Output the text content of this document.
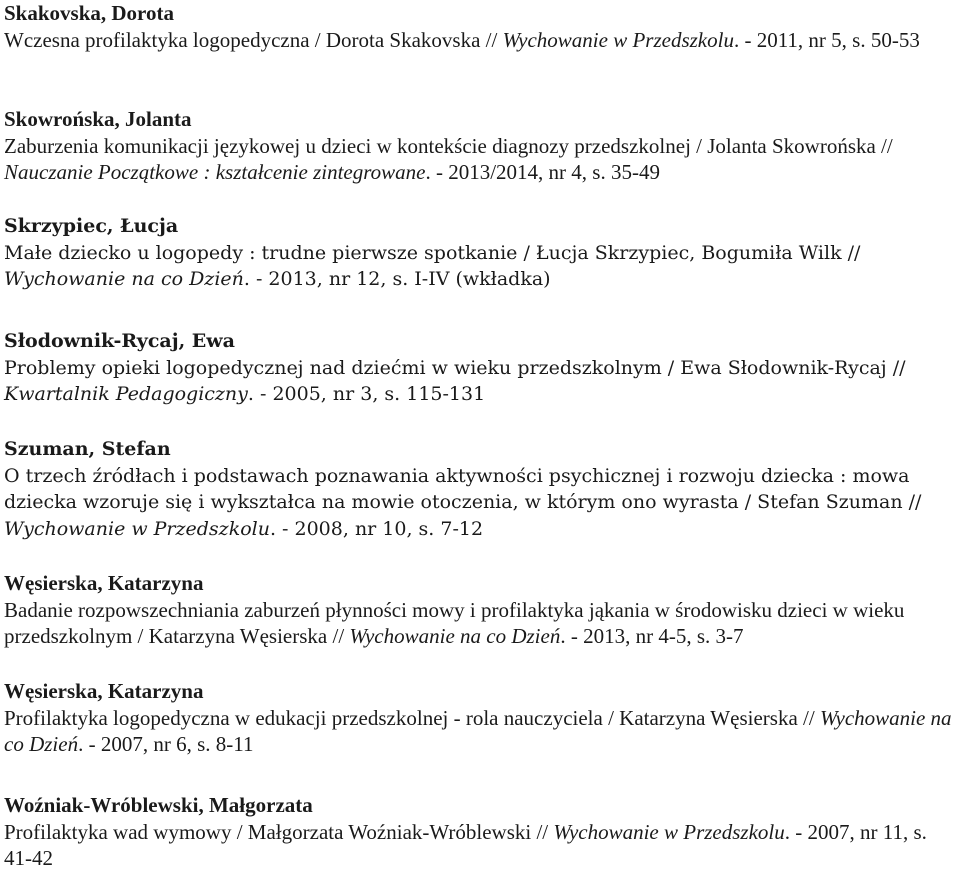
Skakovska, Dorota
Wczesna profilaktyka logopedyczna / Dorota Skakovska // Wychowanie w Przedszkolu. - 2011, nr 5, s. 50-53
Skowrońska, Jolanta
Zaburzenia komunikacji językowej u dzieci w kontekście diagnozy przedszkolnej / Jolanta Skowrońska // Nauczanie Początkowe : kształcenie zintegrowane. - 2013/2014, nr 4, s. 35-49
Skrzypiec, Łucja
Małe dziecko u logopedy : trudne pierwsze spotkanie / Łucja Skrzypiec, Bogumiła Wilk // Wychowanie na co Dzień. - 2013, nr 12, s. I-IV (wkładka)
Słodownik-Rycaj, Ewa
Problemy opieki logopedycznej nad dziećmi w wieku przedszkolnym / Ewa Słodownik-Rycaj // Kwartalnik Pedagogiczny. - 2005, nr 3, s. 115-131
Szuman, Stefan
O trzech źródłach i podstawach poznawania aktywności psychicznej i rozwoju dziecka : mowa dziecka wzoruje się i wykształca na mowie otoczenia, w którym ono wyrasta / Stefan Szuman // Wychowanie w Przedszkolu. - 2008, nr 10, s. 7-12
Węsierska, Katarzyna
Badanie rozpowszechniania zaburzeń płynności mowy i profilaktyka jąkania w środowisku dzieci w wieku przedszkolnym / Katarzyna Węsierska // Wychowanie na co Dzień. - 2013, nr 4-5, s. 3-7
Węsierska, Katarzyna
Profilaktyka logopedyczna w edukacji przedszkolnej - rola nauczyciela / Katarzyna Węsierska // Wychowanie na co Dzień. - 2007, nr 6, s. 8-11
Woźniak-Wróblewski, Małgorzata
Profilaktyka wad wymowy / Małgorzata Woźniak-Wróblewski // Wychowanie w Przedszkolu. - 2007, nr 11, s. 41-42
